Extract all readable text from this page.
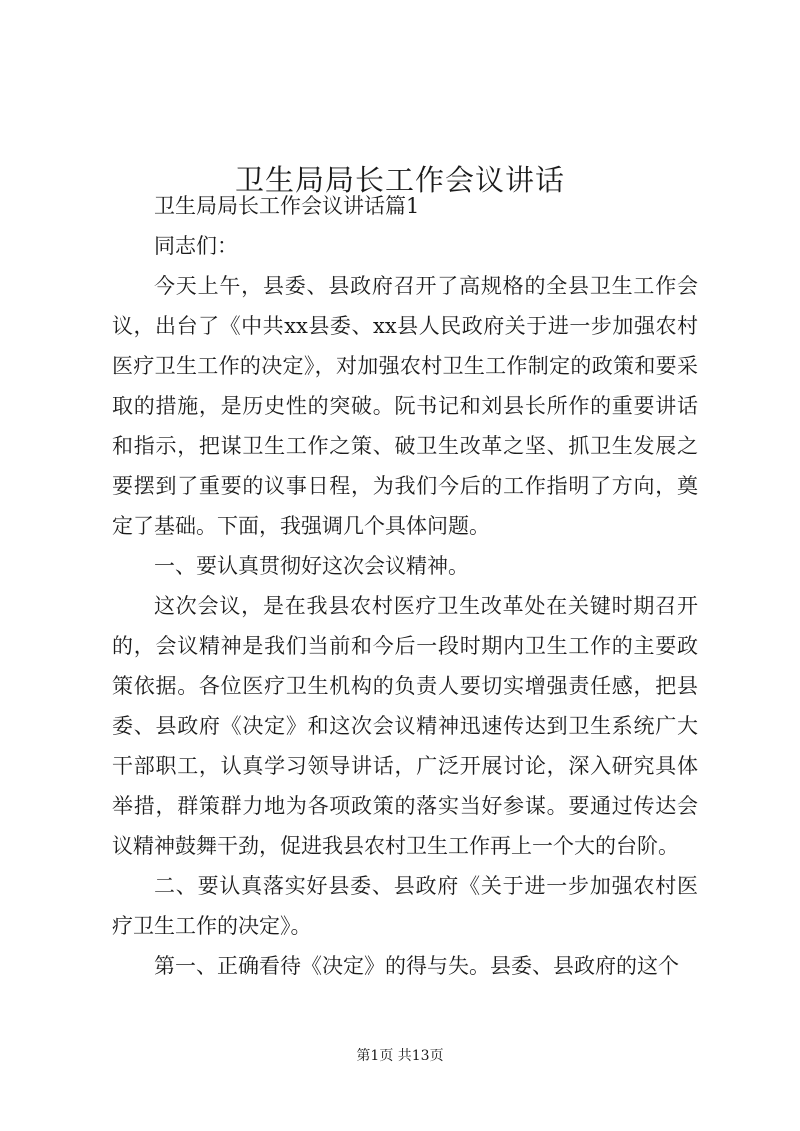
卫生局局长工作会议讲话

卫生局局长工作会议讲话篇1

同志们：

今天上午，县委、县政府召开了高规格的全县卫生工作会议，出台了《中共xx县委、xx县人民政府关于进一步加强农村医疗卫生工作的决定》，对加强农村卫生工作制定的政策和要采取的措施，是历史性的突破。阮书记和刘县长所作的重要讲话和指示，把谋卫生工作之策、破卫生改革之坚、抓卫生发展之要摆到了重要的议事日程，为我们今后的工作指明了方向，奠定了基础。下面，我强调几个具体问题。

一、要认真贯彻好这次会议精神。

这次会议，是在我县农村医疗卫生改革处在关键时期召开的，会议精神是我们当前和今后一段时期内卫生工作的主要政策依据。各位医疗卫生机构的负责人要切实增强责任感，把县委、县政府《决定》和这次会议精神迅速传达到卫生系统广大干部职工，认真学习领导讲话，广泛开展讨论，深入研究具体举措，群策群力地为各项政策的落实当好参谋。要通过传达会议精神鼓舞干劲，促进我县农村卫生工作再上一个大的台阶。

二、要认真落实好县委、县政府《关于进一步加强农村医疗卫生工作的决定》。

第一、正确看待《决定》的得与失。县委、县政府的这个

第1页 共13页
